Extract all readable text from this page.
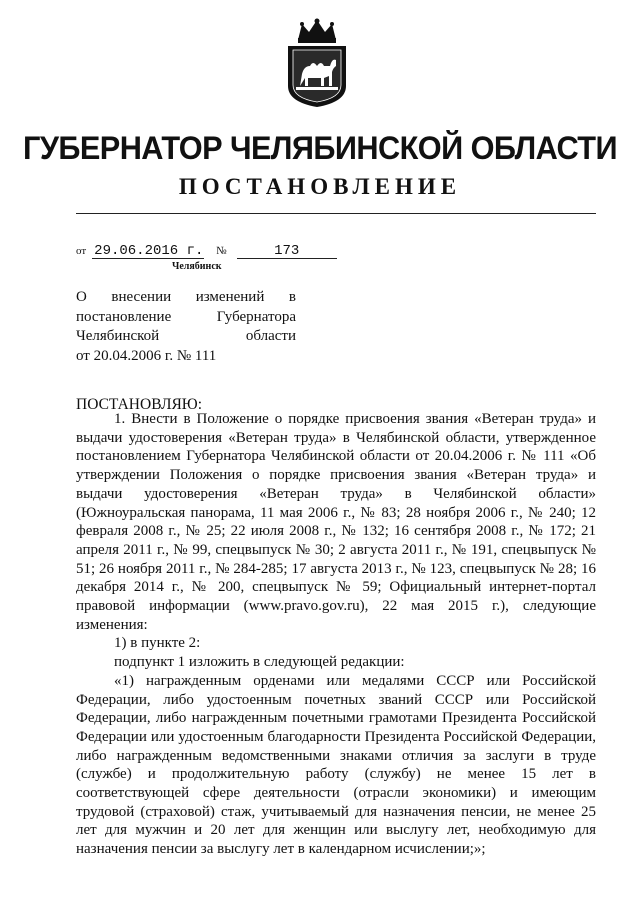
ГУБЕРНАТОР ЧЕЛЯБИНСКОЙ ОБЛАСТИ
ПОСТАНОВЛЕНИЕ
от 29.06.2016 г. №	173
Челябинск
О внесении изменений в
постановление Губернатора
Челябинской области
от 20.04.2006 г. № 111
ПОСТАНОВЛЯЮ:

1. Внести в Положение о порядке присвоения звания «Ветеран труда» и выдачи удостоверения «Ветеран труда» в Челябинской области, утвержденное постановлением Губернатора Челябинской области от 20.04.2006 г. № 111 «Об утверждении Положения о порядке присвоения звания «Ветеран труда» и выдачи удостоверения «Ветеран труда» в Челябинской области» (Южноуральская панорама, 11 мая 2006 г., № 83; 28 ноября 2006 г., № 240; 12 февраля 2008 г., № 25; 22 июля 2008 г., № 132; 16 сентября 2008 г., № 172; 21 апреля 2011 г., № 99, спецвыпуск № 30; 2 августа 2011 г., № 191, спецвыпуск № 51; 26 ноября 2011 г., № 284-285; 17 августа 2013 г., № 123, спецвыпуск № 28; 16 декабря 2014 г., № 200, спецвыпуск № 59; Официальный интернет-портал правовой информации (www.pravo.gov.ru), 22 мая 2015 г.), следующие изменения:

1) в пункте 2:

подпункт 1 изложить в следующей редакции:

«1) награжденным орденами или медалями СССР или Российской Федерации, либо удостоенным почетных званий СССР или Российской Федерации, либо награжденным почетными грамотами Президента Российской Федерации или удостоенным благодарности Президента Российской Федерации, либо награжденным ведомственными знаками отличия за заслуги в труде (службе) и продолжительную работу (службу) не менее 15 лет в соответствующей сфере деятельности (отрасли экономики) и имеющим трудовой (страховой) стаж, учитываемый для назначения пенсии, не менее 25 лет для мужчин и 20 лет для женщин или выслугу лет, необходимую для назначения пенсии за выслугу лет в календарном исчислении;»;
